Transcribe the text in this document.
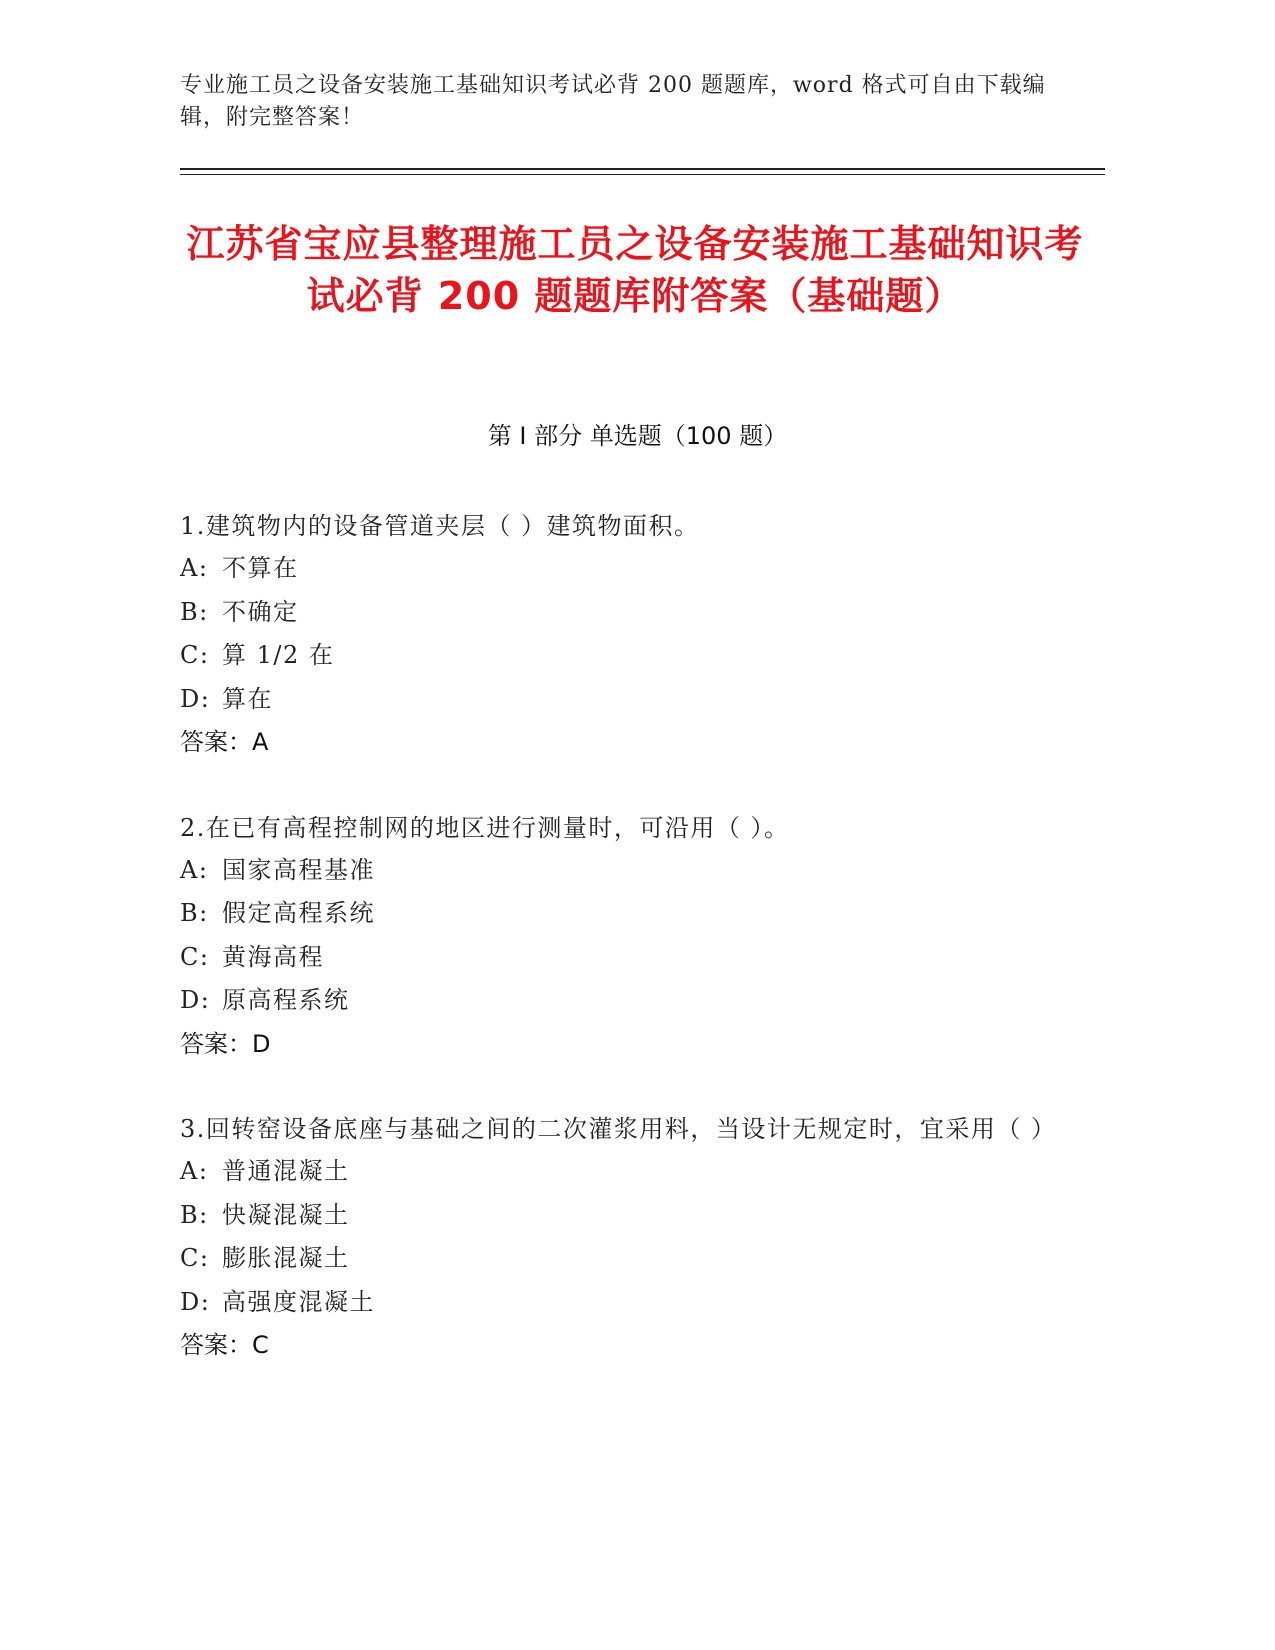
专业施工员之设备安装施工基础知识考试必背 200 题题库，word 格式可自由下载编辑，附完整答案！
江苏省宝应县整理施工员之设备安装施工基础知识考试必背 200 题题库附答案（基础题）
第 I 部分 单选题（100 题）
1.建筑物内的设备管道夹层（ ）建筑物面积。
A: 不算在
B: 不确定
C: 算 1/2 在
D: 算在
答案：A
2.在已有高程控制网的地区进行测量时，可沿用（ ）。
A: 国家高程基准
B: 假定高程系统
C: 黄海高程
D: 原高程系统
答案：D
3.回转窑设备底座与基础之间的二次灌浆用料，当设计无规定时，宜采用（ ）
A: 普通混凝土
B: 快凝混凝土
C: 膨胀混凝土
D: 高强度混凝土
答案：C
